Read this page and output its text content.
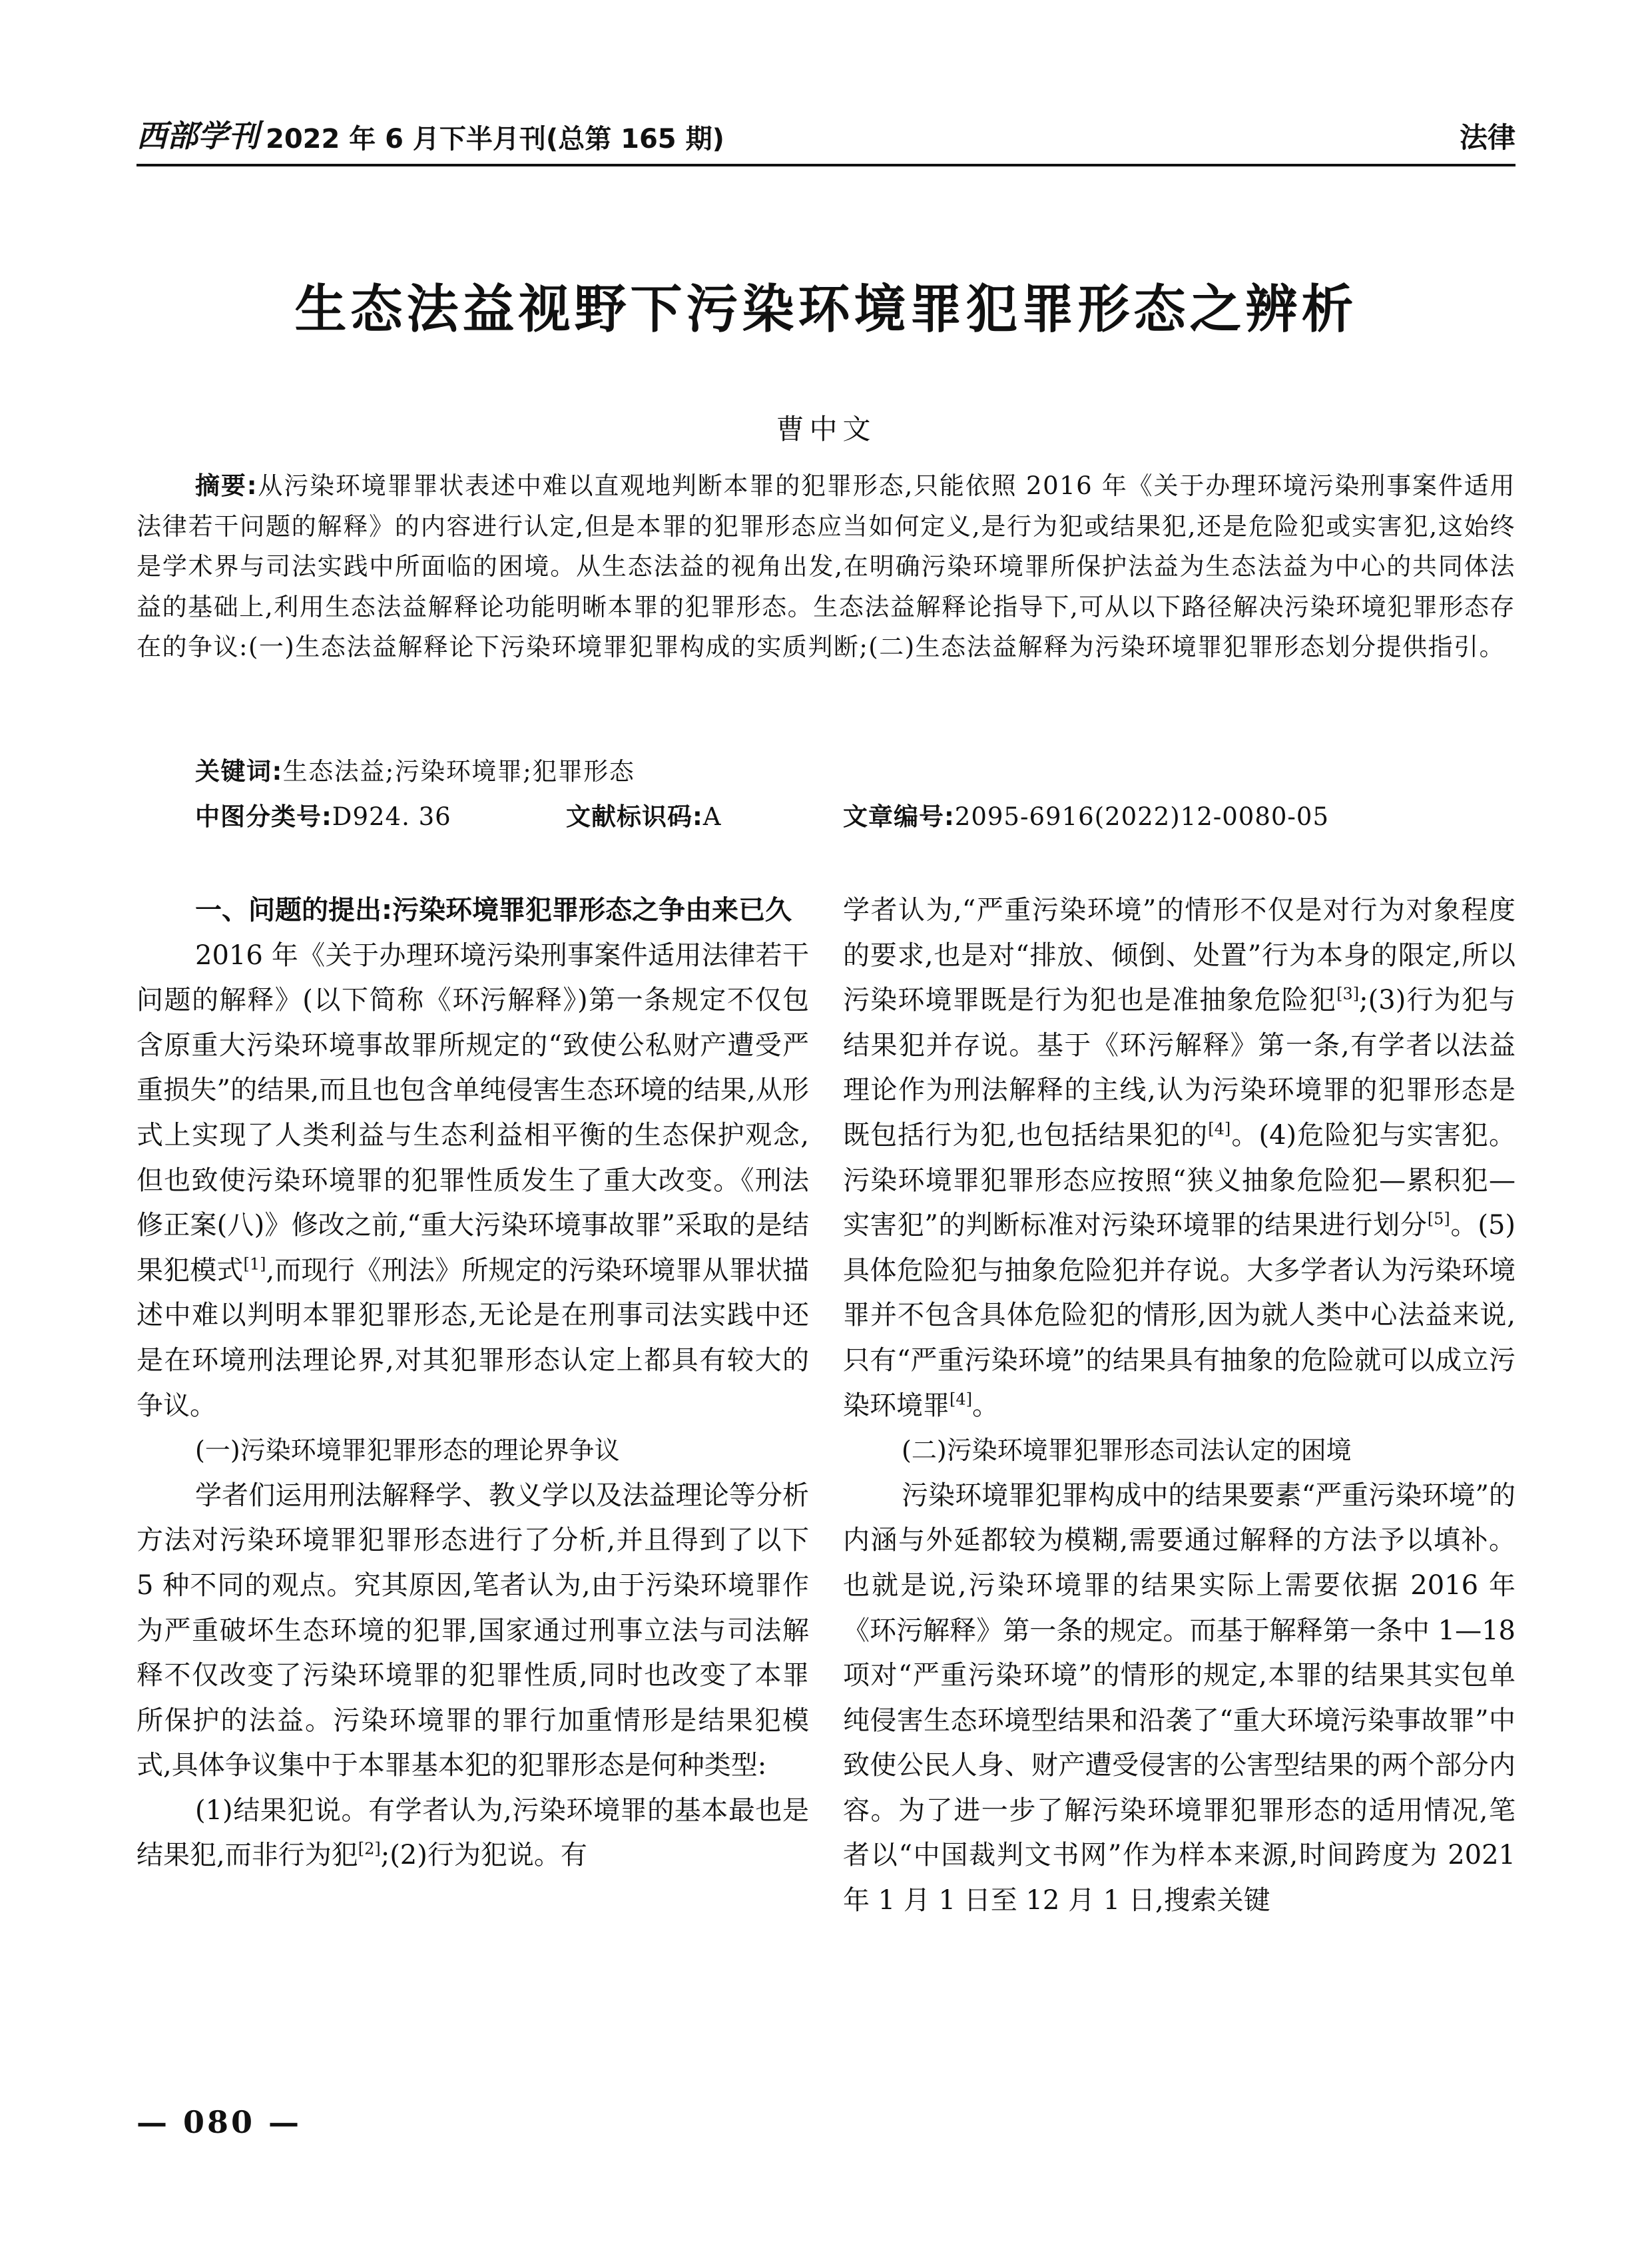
西部学刊 2022 年 6 月下半月刊(总第 165 期)	法律
生态法益视野下污染环境罪犯罪形态之辨析
曹中文

摘要:从污染环境罪罪状表述中难以直观地判断本罪的犯罪形态,只能依照 2016 年《关于办理环境污染刑事案件适用法律若干问题的解释》的内容进行认定,但是本罪的犯罪形态应当如何定义,是行为犯或结果犯,还是危险犯或实害犯,这始终是学术界与司法实践中所面临的困境。从生态法益的视角出发,在明确污染环境罪所保护法益为生态法益为中心的共同体法益的基础上,利用生态法益解释论功能明晰本罪的犯罪形态。生态法益解释论指导下,可从以下路径解决污染环境犯罪形态存在的争议:(一)生态法益解释论下污染环境罪犯罪构成的实质判断;(二)生态法益解释为污染环境罪犯罪形态划分提供指引。

关键词:生态法益;污染环境罪;犯罪形态
中图分类号:D924. 36	文献标识码:A	文章编号:2095-6916(2022)12-0080-05

一、问题的提出:污染环境罪犯罪形态之争由来已久

2016 年《关于办理环境污染刑事案件适用法律若干问题的解释》(以下简称《环污解释》)第一条规定不仅包含原重大污染环境事故罪所规定的“致使公私财产遭受严重损失”的结果,而且也包含单纯侵害生态环境的结果,从形式上实现了人类利益与生态利益相平衡的生态保护观念,但也致使污染环境罪的犯罪性质发生了重大改变。《刑法修正案(八)》修改之前,“重大污染环境事故罪”采取的是结果犯模式[1],而现行《刑法》所规定的污染环境罪从罪状描述中难以判明本罪犯罪形态,无论是在刑事司法实践中还是在环境刑法理论界,对其犯罪形态认定上都具有较大的争议。

(一)污染环境罪犯罪形态的理论界争议

学者们运用刑法解释学、教义学以及法益理论等分析方法对污染环境罪犯罪形态进行了分析,并且得到了以下 5 种不同的观点。究其原因,笔者认为,由于污染环境罪作为严重破坏生态环境的犯罪,国家通过刑事立法与司法解释不仅改变了污染环境罪的犯罪性质,同时也改变了本罪所保护的法益。污染环境罪的罪行加重情形是结果犯模式,具体争议集中于本罪基本犯的犯罪形态是何种类型:

(1)结果犯说。有学者认为,污染环境罪的基本最也是结果犯,而非行为犯[2];(2)行为犯说。有

学者认为,“严重污染环境”的情形不仅是对行为对象程度的要求,也是对“排放、倾倒、处置”行为本身的限定,所以污染环境罪既是行为犯也是准抽象危险犯[3];(3)行为犯与结果犯并存说。基于《环污解释》第一条,有学者以法益理论作为刑法解释的主线,认为污染环境罪的犯罪形态是既包括行为犯,也包括结果犯的[4]。(4)危险犯与实害犯。污染环境罪犯罪形态应按照“狭义抽象危险犯—累积犯—实害犯”的判断标准对污染环境罪的结果进行划分[5]。(5)具体危险犯与抽象危险犯并存说。大多学者认为污染环境罪并不包含具体危险犯的情形,因为就人类中心法益来说,只有“严重污染环境”的结果具有抽象的危险就可以成立污染环境罪[4]。

(二)污染环境罪犯罪形态司法认定的困境

污染环境罪犯罪构成中的结果要素“严重污染环境”的内涵与外延都较为模糊,需要通过解释的方法予以填补。也就是说,污染环境罪的结果实际上需要依据 2016 年《环污解释》第一条的规定。而基于解释第一条中 1—18 项对“严重污染环境”的情形的规定,本罪的结果其实包单纯侵害生态环境型结果和沿袭了“重大环境污染事故罪”中致使公民人身、财产遭受侵害的公害型结果的两个部分内容。为了进一步了解污染环境罪犯罪形态的适用情况,笔者以“中国裁判文书网”作为样本来源,时间跨度为 2021 年 1 月 1 日至 12 月 1 日,搜索关键

— 080 —
